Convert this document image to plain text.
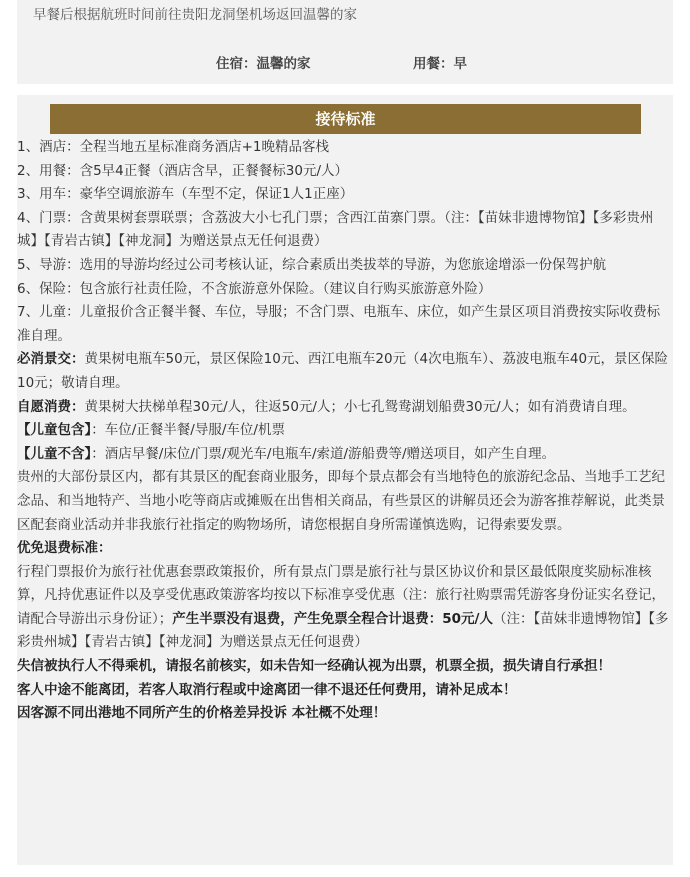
早餐后根据航班时间前往贵阳龙洞堡机场返回温馨的家
住宿：温馨的家	用餐：早
接待标准

1、酒店：全程当地五星标准商务酒店+1晚精品客栈

2、用餐：含5早4正餐（酒店含早，正餐餐标30元/人）

3、用车：豪华空调旅游车（车型不定，保证1人1正座）

4、门票：含黄果树套票联票；含荔波大小七孔门票；含西江苗寨门票。（注：【苗妹非遗博物馆】【多彩贵州城】【青岩古镇】【神龙洞】为赠送景点无任何退费）

5、导游：选用的导游均经过公司考核认证，综合素质出类拔萃的导游，为您旅途增添一份保驾护航

6、保险：包含旅行社责任险，不含旅游意外保险。（建议自行购买旅游意外险）

7、儿童：儿童报价含正餐半餐、车位，导服；不含门票、电瓶车、床位，如产生景区项目消费按实际收费标准自理。

必消景交：黄果树电瓶车50元，景区保险10元、西江电瓶车20元（4次电瓶车）、荔波电瓶车40元，景区保险10元；敬请自理。

自愿消费：黄果树大扶梯单程30元/人，往返50元/人；小七孔鸳鸯湖划船费30元/人；如有消费请自理。

【儿童包含】：车位/正餐半餐/导服/车位/机票

【儿童不含】：酒店早餐/床位/门票/观光车/电瓶车/索道/游船费等/赠送项目，如产生自理。

贵州的大部份景区内，都有其景区的配套商业服务，即每个景点都会有当地特色的旅游纪念品、当地手工艺纪念品、和当地特产、当地小吃等商店或摊贩在出售相关商品，有些景区的讲解员还会为游客推荐解说，此类景区配套商业活动并非我旅行社指定的购物场所，请您根据自身所需谨慎选购，记得索要发票。

优免退费标准：

行程门票报价为旅行社优惠套票政策报价，所有景点门票是旅行社与景区协议价和景区最低限度奖励标准核算，凡持优惠证件以及享受优惠政策游客均按以下标准享受优惠（注：旅行社购票需凭游客身份证实名登记，请配合导游出示身份证）；产生半票没有退费，产生免票全程合计退费：50元/人（注：【苗妹非遗博物馆】【多彩贵州城】【青岩古镇】【神龙洞】为赠送景点无任何退费）

失信被执行人不得乘机，请报名前核实，如未告知一经确认视为出票，机票全损，损失请自行承担！

客人中途不能离团，若客人取消行程或中途离团一律不退还任何费用，请补足成本！

因客源不同出港地不同所产生的价格差异投诉 本社概不处理！
